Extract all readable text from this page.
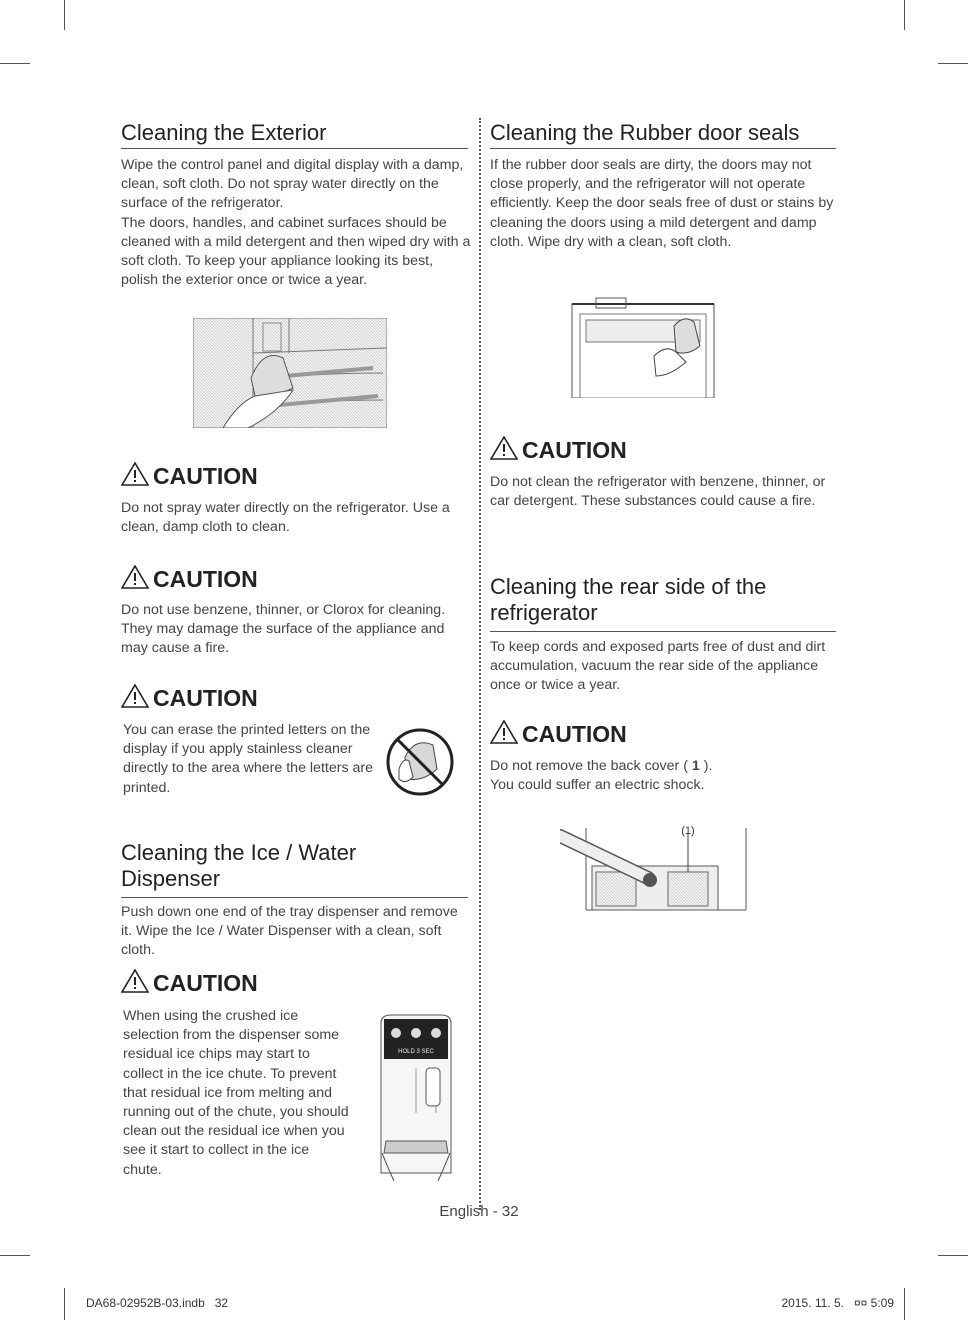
Cleaning the Exterior

Wipe the control panel and digital display with a damp, clean, soft cloth. Do not spray water directly on the surface of the refrigerator.
The doors, handles, and cabinet surfaces should be cleaned with a mild detergent and then wiped dry with a soft cloth. To keep your appliance looking its best, polish the exterior once or twice a year.

CAUTION

Do not spray water directly on the refrigerator. Use a clean, damp cloth to clean.

CAUTION

Do not use benzene, thinner, or Clorox for cleaning. They may damage the surface of the appliance and may cause a fire.

CAUTION

You can erase the printed letters on the display if you apply stainless cleaner directly to the area where the letters are printed.

Cleaning the Ice / Water Dispenser

Push down one end of the tray dispenser and remove it. Wipe the Ice / Water Dispenser with a clean, soft cloth.

CAUTION

When using the crushed ice selection from the dispenser some residual ice chips may start to collect in the ice chute. To prevent that residual ice from melting and running out of the chute, you should clean out the residual ice when you see it start to collect in the ice chute.

HOLD 3 SEC
Cleaning the Rubber door seals

If the rubber door seals are dirty, the doors may not close properly, and the refrigerator will not operate efficiently. Keep the door seals free of dust or stains by cleaning the doors using a mild detergent and damp cloth. Wipe dry with a clean, soft cloth.

CAUTION

Do not clean the refrigerator with benzene, thinner, or car detergent. These substances could cause a fire.

Cleaning the rear side of the refrigerator

To keep cords and exposed parts free of dust and dirt accumulation, vacuum the rear side of the appliance once or twice a year.

CAUTION

Do not remove the back cover ( 1 ).
You could suffer an electric shock.

(1)
English - 32
DA68-02952B-03.indb   32	2015. 11. 5.   ¤¤ 5:09
